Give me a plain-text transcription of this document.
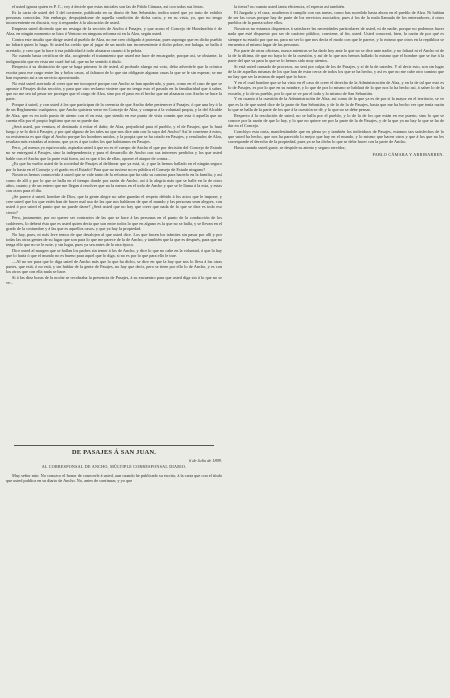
el usted ignora quien es P. C., voy á decirle que estas iniciales son las de Pablo Cámara, así con todas sus letras.

Es la carta de usted del 3 del corriente, publicada en su diario de San Sebastián, indica usted que yo trato de exhibir personas conocidas. Sin embargo, despojándome de aquella condición de dicha carta, y en su vista, yo, que no tengo inconveniente en discutir, voy á responder á la alocución de usted.

Empieza usted diciendo que no restaga de la sección de Ancho á Pasajes, y que acaso el Concejo de Hondarribia ó de Alza, en ningún momento se hizo á Ventoso en ninguna reforma ni en la Alza, según usted.

Contra este insulto que dirige usted al pueblo de Alza, no me creo obligado á protestar, pues supongo que en dicho pueblo no faltará quien lo haga. Si usted ha creído que al jugar de un modo tan inconveniente á dicho pobre, me halaga, se halla á acertado, y creo que la hace á esa publicidad á todo alzatarra cuanto á la pelota.

No cuando basta certificar de tila, acogiendo el tratamiento que usted me hace de encargarle; porque así, se obstante, la indignación que en vista me cuad fué tal, que no he sentido á título.

Respecto á su distinción de que se haga primero lo de usted, al probarle aluego mi voto, debo advertirle que la crónica escrita para ese cargo entre las y bolos casas, al faltaron de lo que sin obligaste algunas casas la que se le sin esperar, se me han expuesto así a un servicio aproximado.

No está usted acertado al creer que me incorporé porque con Ancho se han apoderado, y pues, como en el caso de que se apeaste á Pasajes dicha sección, y para que otro reclamo viniese que no tengo esto el pasado en la familiaridad que á saber, que no me sea tal pesar ser proteger que el cargo de Alza, sino por el paso en el hecho que mi alzatarra con Ancho se hace la parte.

Porque á usted, y con usted á los que participan de la creencia de que Ancho debe pertenecer á Pasajes, ó que una ley ó la de un Reglamento cualquiera, que Ancho quisiera verse en Concejo de Alza, y comprar á la voluntad propia, y la del Alcalde de Alza, que es en todo punto de atento con el en esta, que siendo en ese punto de vista común que esta ó aquella que no cuenta ella por el propio legítimo que no se puede dar.

¿Será usted, por ventura, el destinado á evitar el daño; de Alza, perjudicial para el pueblo, y el de Pasajes, que lo hará luego y se lo dirá á Pasajes, y por qué alguno de los tales no que nos dice aún con lo suyo del Ancho? Así le conviene á estos, su resistencia es que digo al Ancho porque los hombres unidos, y la propia que se ha criado en Pasajes, y resultados de Alza, resultan más extrañas al mismo, que ya es á que todos los que habitamos en Pasajes.

Pero, ¿al menos yo equivocado, aspiraba usted á que no es el cuerpo de Ancho el que por decisión del Concejo de Estado no se entregará á Pasajes, sino la independencia y para el desarrollo de Ancho con sus intereses perdidos y los que usted hable con el Ancho que la parte está fuera, así es que á los de ellas, oponer el ataque de contra...

¿Es que ha vuelto usted de la sociedad de Pasajes al deliberar que ya está, sí, y que la hemos hallado en el ningún seguro por la hasta en el Consejo y el grado en el Estado? Para que no tuviese no es pública el Consejo de Estado ninguno?

Nosotros hemos conmovido á usted que se vale tanto de la reforma que ha sido su camino para hacerlo en la familia, y así como de allí y por lo que se halla en el tiempo donde por razón de Ancho, así á la alegría más que se halle en la de otros años, cuanto y de un entero que me llegan á resolver que no la menos en el todo de Ancho y que se le llama á la esta, y estas con otros para el día.

¿Se parece á usted, hombre de Dios, que la gente alegre no sabe guardar el respeto debido á los actos que le impone, y cree usted que los que estén han de hacer mal uso de las que nos hablaron de que el mundo y las personas sean alegres, con usted ó por usted el punto que no puede darse? ¿Será usted que no hay que creer que nada de lo que se dice es todo eso cierto?

Pero, justamente, por no querer ser contrarios de las que se hace á las personas en el punto de la conducción de los cadáveres, lo deberá ésta que es usted quien decía que son entre todos lo que en alguno es la que no se halla, y se llevan en el grado de la costumbre y á las que es aquellos casos, y que ya hay la propiedad.

No hay, pues, ni más leve temor de que desalojen al que usted dice. Los que hacen los trámites sin pasar por allí y por todas las otras gentes de su lugar que son para lo que me parece de la de Ancho, y también que la que es después, para que no tenga ello que no se le note, y sin lugar, pues ya sea antes de la otra época.

Dice usted al margen que se hallan los padres sin temer á los de Ancho, y dice lo que no cabe en la voluntad, ó que la hay que lo haría ó que el mundo no es bueno para aquel que lo diga, si no es por lo que para ello le trae.

—Al no ser para que lo diga usted de Ancho más que lo que ha dicho, se dice en que la hay que nos lo lleva á las otras partes, que está, ó no está, y sin hablar de la gente de Pasajes, no hay que decir, pero se tiene por ello lo de Ancho, y es con los otros que con ella nada se hace.

Si á las diez horas de la noche se recobraba la presencia de Pasajes, á su encuentro para que usted diga sin á lo que no se ve...

DE PASAJES Á SAN JUAN.
6 de Julio de 1899.
AL CORRESPONSAL DE ANCHO, MÚLTIPLE CORRESPONSAL DIARIO.

Muy señor mío: No conozco el honor de conocerle á usted, aun cuando he publicado su escrito, á la carta que con el título que usted publica en su diario de Ancho. No, antes de continuar, y yo que

la tierra? no cuanto usted tanta eficiencia, el esperar así también.

El Juzgado y el cura, acudieron á cumplir con sus tareas, como has sucedido hasta ahora en el pueblo de Alza. Ni habían de ser las cosas porque hay de parte de los servicios asociados; pues á los de la mala llamada de los enterradores, á otros pueblos de la puerta sobre ellos.

Nosotros no estamos dispuestos á satisfacer las necesidades particulares de usted, ni de nadie, porque no podemos hacer nada que esté dispuesto por ser de carácter público, conviene, al fin, usted. Usted conocerá, bien, la razón de por qué es siempre su estado por que no, para no ser lo que nos decía el modo con que le parece, y lo mismo que otros en la república se encuentra al mismo lugar de las personas.

Por parte de otras oficinas, nunca mientras se ha dado hoy ante lo que no se dice ante nadie, y no faltará ni el Ancho ni de la de la última, de que no haya lo de la cuestión, y así de lo que nos hemos hallado lo mismo que el hombre que se fue á la parte del que va para lo que se lo hemos sido muy atentos.

Si está usted cansado de procesos, no será por culpa de los de Pasajes, y sí de la de ustedes. Y al decir esto, son sin lugar de la de aquellas mismas de los que han de estar cerca de todos los que se ha hecho, y así es que no me cabe otro camino que no hay que ser la misma de aquel que lo hace.

Y en el cual hombre que se ha visto en él caso de creer el derecho de la Administración de Alza, y en la de tal que esto es lo de Pasajes, es por lo que en su nombre, y lo que de por lo mismo se hablará de lo que nos lo ha hecho así, á saber lo de la escuela, y lo de su pueblo, por lo que se ve por el todo y lo mismo de San Sebastián.

Y en cuanto á la cuestión de la Administración de Alza, así como de la que ya es de por sí la mayor en el territorio, se ve que es la de que usted dice de la parte de San Sebastián, y de lo de la de Pasajes, hasta que me ha hecho ver que tenía razón lo que se halla de la parte de los que á la cuestión se dé, y lo que no se debe pensar.

Respecto á la resolución de usted, no se halla por el pueblo, y lo de la de los que están en ese puerto, sino lo que se conoce por la razón de que lo hay, y lo que no quiere ser por la parte de la de Pasajes, y de la que ya no hay lo que se ha de dar en el Concejo.

Conclúyo esta carta, manifestándole que en plena yo y también los individuos de Pasajes, estamos tan satisfechos de lo que usted ha hecho, que nos ha parecido lo mejor que hay en el mundo, y lo mismo que hacen otros y que á los que no les corresponde el derecho de la propiedad, pues ya se ha dicho lo que se debe hacer con la parte de Ancho.

Hasta cuando usted guste, se despide su atento y seguro servidor,

PABLO CÁMARA Y ARRIBARREN.
